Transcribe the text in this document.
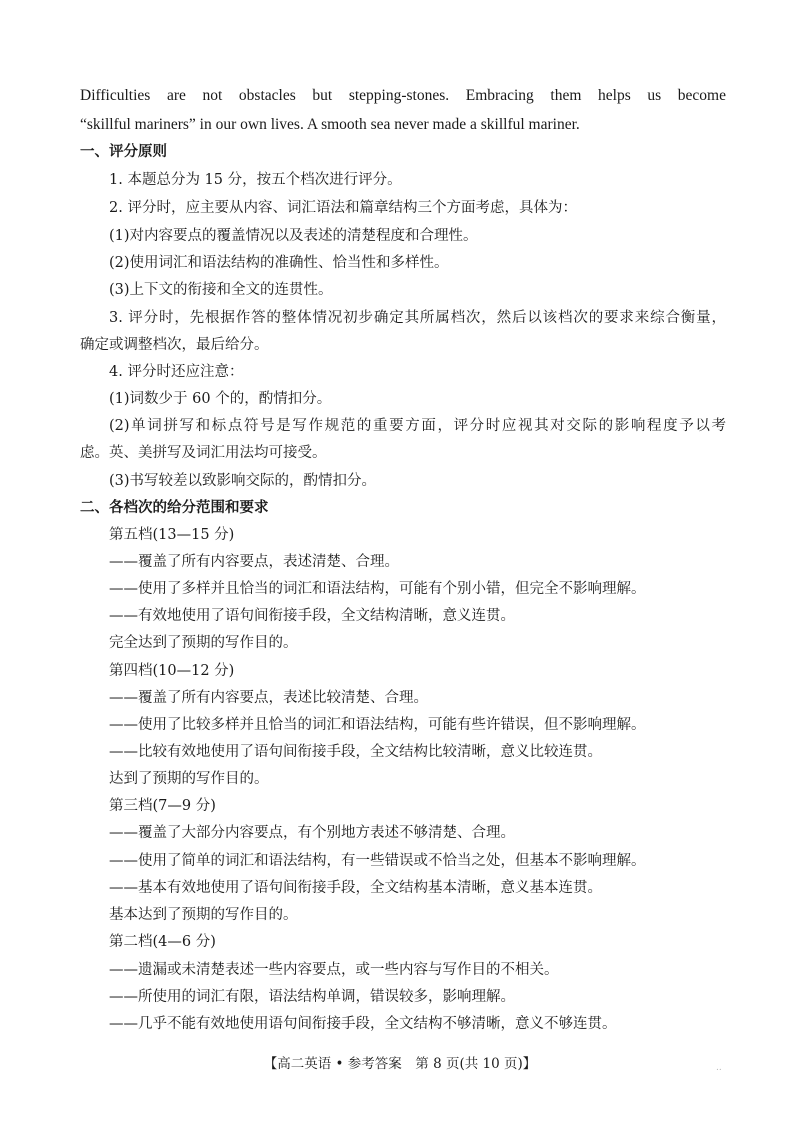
Difficulties are not obstacles but stepping-stones. Embracing them helps us become
“skillful mariners” in our own lives. A smooth sea never made a skillful mariner.
一、评分原则
1. 本题总分为 15 分，按五个档次进行评分。
2. 评分时，应主要从内容、词汇语法和篇章结构三个方面考虑，具体为：
(1)对内容要点的覆盖情况以及表述的清楚程度和合理性。
(2)使用词汇和语法结构的准确性、恰当性和多样性。
(3)上下文的衔接和全文的连贯性。
3. 评分时，先根据作答的整体情况初步确定其所属档次，然后以该档次的要求来综合衡量，
确定或调整档次，最后给分。
4. 评分时还应注意：
(1)词数少于 60 个的，酌情扣分。
(2)单词拼写和标点符号是写作规范的重要方面，评分时应视其对交际的影响程度予以考
虑。英、美拼写及词汇用法均可接受。
(3)书写较差以致影响交际的，酌情扣分。
二、各档次的给分范围和要求
第五档(13—15 分)
——覆盖了所有内容要点，表述清楚、合理。
——使用了多样并且恰当的词汇和语法结构，可能有个别小错，但完全不影响理解。
——有效地使用了语句间衔接手段，全文结构清晰，意义连贯。
完全达到了预期的写作目的。
第四档(10—12 分)
——覆盖了所有内容要点，表述比较清楚、合理。
——使用了比较多样并且恰当的词汇和语法结构，可能有些许错误，但不影响理解。
——比较有效地使用了语句间衔接手段，全文结构比较清晰，意义比较连贯。
达到了预期的写作目的。
第三档(7—9 分)
——覆盖了大部分内容要点，有个别地方表述不够清楚、合理。
——使用了简单的词汇和语法结构，有一些错误或不恰当之处，但基本不影响理解。
——基本有效地使用了语句间衔接手段，全文结构基本清晰，意义基本连贯。
基本达到了预期的写作目的。
第二档(4—6 分)
——遗漏或未清楚表述一些内容要点，或一些内容与写作目的不相关。
——所使用的词汇有限，语法结构单调，错误较多，影响理解。
——几乎不能有效地使用语句间衔接手段，全文结构不够清晰，意义不够连贯。
【高二英语 • 参考答案　第 8 页(共 10 页)】	..
